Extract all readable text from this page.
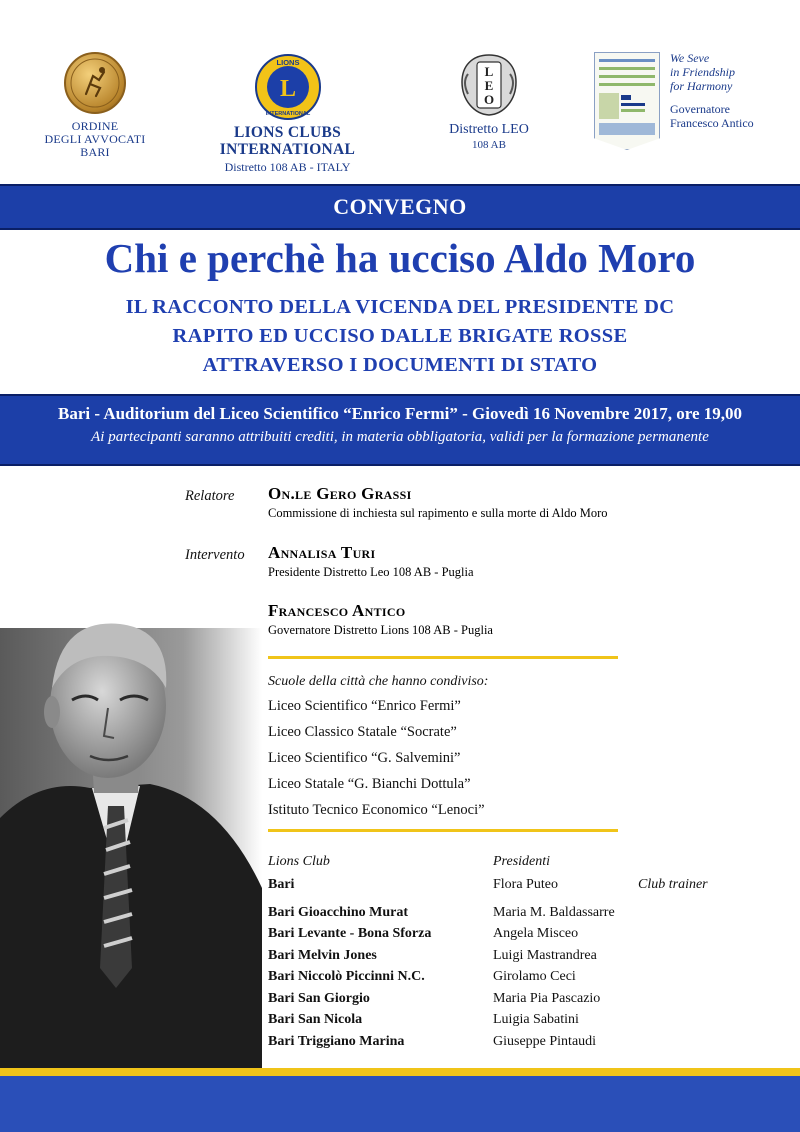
ORDINE
DEGLI AVVOCATI
BARI
L
LIONS
INTERNATIONAL
LIONS CLUBS INTERNATIONAL
Distretto 108 AB - ITALY
L
E
O
Distretto LEO
108 AB
We Seve
in Friendship
for Harmony
Governatore
Francesco Antico
CONVEGNO
Chi e perchè ha ucciso Aldo Moro
IL RACCONTO DELLA VICENDA DEL PRESIDENTE DC
RAPITO ED UCCISO DALLE BRIGATE ROSSE
ATTRAVERSO I DOCUMENTI DI STATO
Bari - Auditorium del Liceo Scientifico “Enrico Fermi” - Giovedì 16 Novembre 2017, ore 19,00
Ai partecipanti saranno attribuiti crediti, in materia obbligatoria, validi per la formazione permanente
Relatore On.le Gero Grassi
Commissione di inchiesta sul rapimento e sulla morte di Aldo Moro
Intervento Annalisa Turi
Presidente Distretto Leo 108 AB - Puglia
Francesco Antico
Governatore Distretto Lions 108 AB - Puglia
Scuole della città che hanno condiviso:
Liceo Scientifico “Enrico Fermi”
Liceo Classico Statale “Socrate”
Liceo Scientifico “G. Salvemini”
Liceo Statale “G. Bianchi Dottula”
Istituto Tecnico Economico “Lenoci”
Lions Club	Presidenti
Bari	Flora Puteo	Club trainer
Bari Gioacchino Murat	Maria M. Baldassarre
Bari Levante - Bona Sforza	Angela Misceo
Bari Melvin Jones	Luigi Mastrandrea
Bari Niccolò Piccinni N.C.	Girolamo Ceci
Bari San Giorgio	Maria Pia Pascazio
Bari San Nicola	Luigia Sabatini
Bari Triggiano Marina	Giuseppe Pintaudi
